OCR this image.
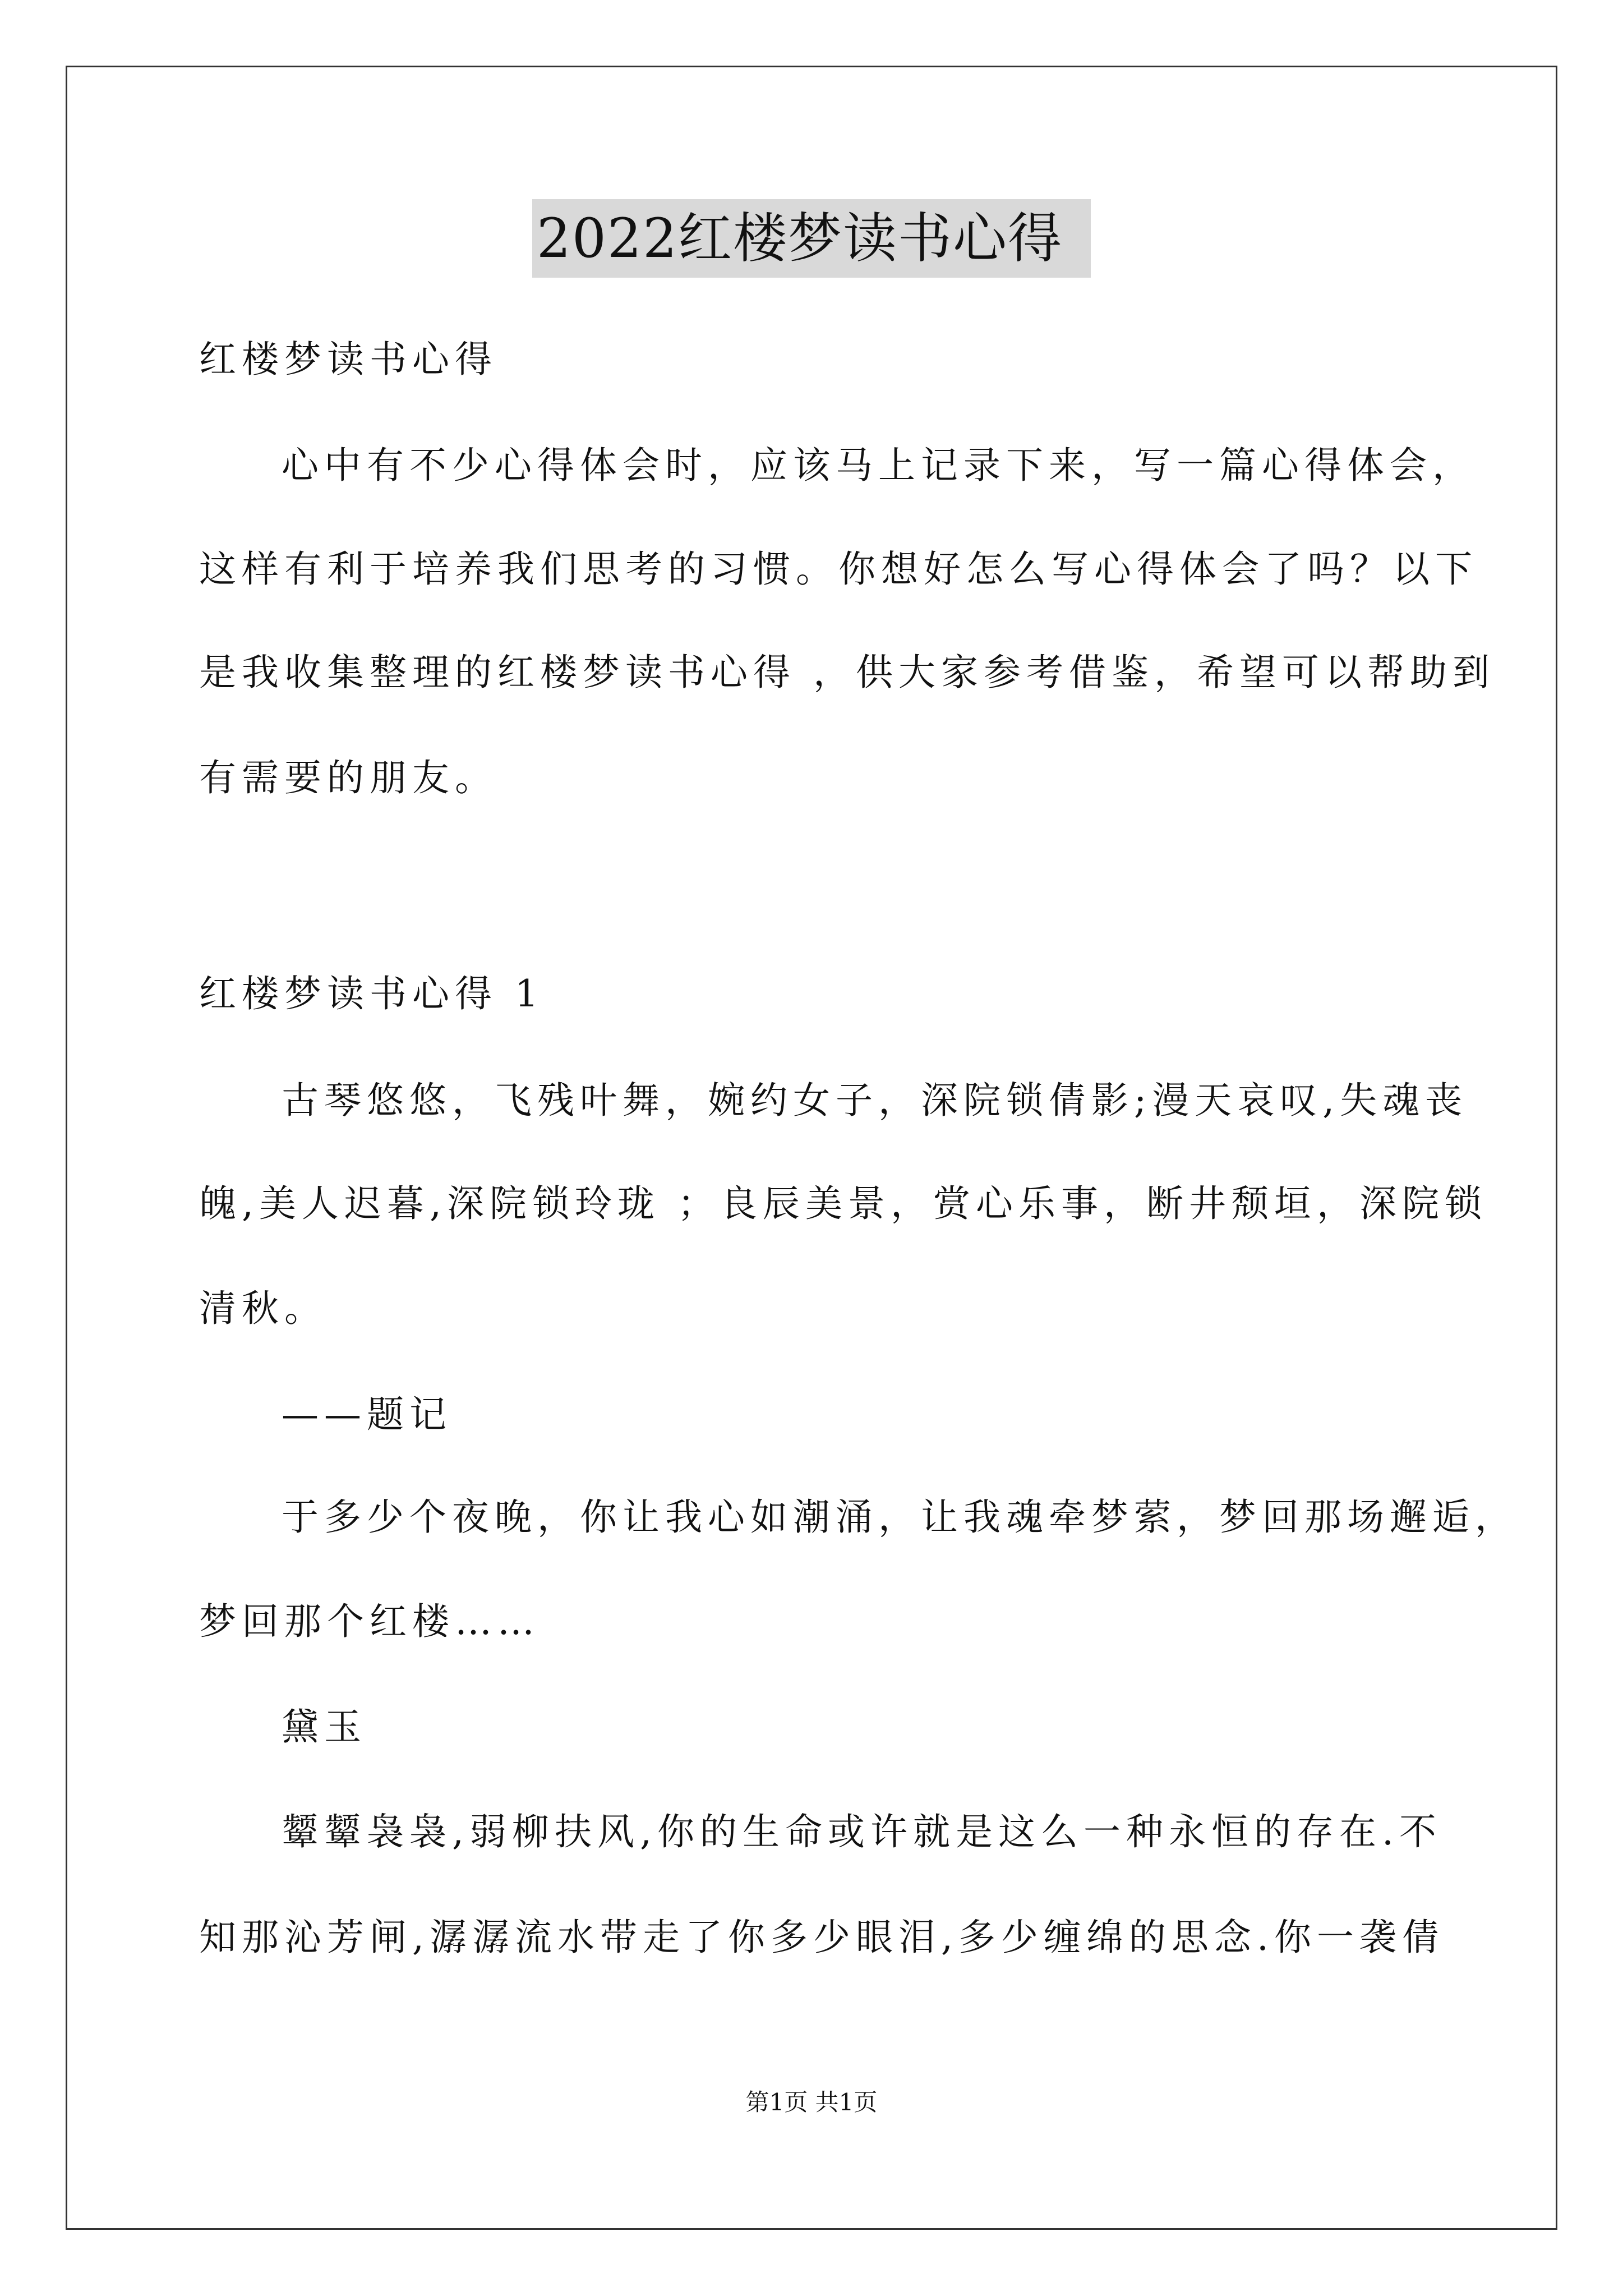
2022红楼梦读书心得
红楼梦读书心得
心中有不少心得体会时，应该马上记录下来，写一篇心得体会，
这样有利于培养我们思考的习惯。你想好怎么写心得体会了吗？以下
是我收集整理的红楼梦读书心得 ，供大家参考借鉴，希望可以帮助到
有需要的朋友。
红楼梦读书心得 1
古琴悠悠，飞残叶舞，婉约女子，深院锁倩影;漫天哀叹,失魂丧
魄,美人迟暮,深院锁玲珑 ；良辰美景，赏心乐事，断井颓垣，深院锁
清秋。
——题记
于多少个夜晚，你让我心如潮涌，让我魂牵梦萦，梦回那场邂逅，
梦回那个红楼……
黛玉
颦颦袅袅,弱柳扶风,你的生命或许就是这么一种永恒的存在.不
知那沁芳闸,潺潺流水带走了你多少眼泪,多少缠绵的思念.你一袭倩
第1页 共1页
